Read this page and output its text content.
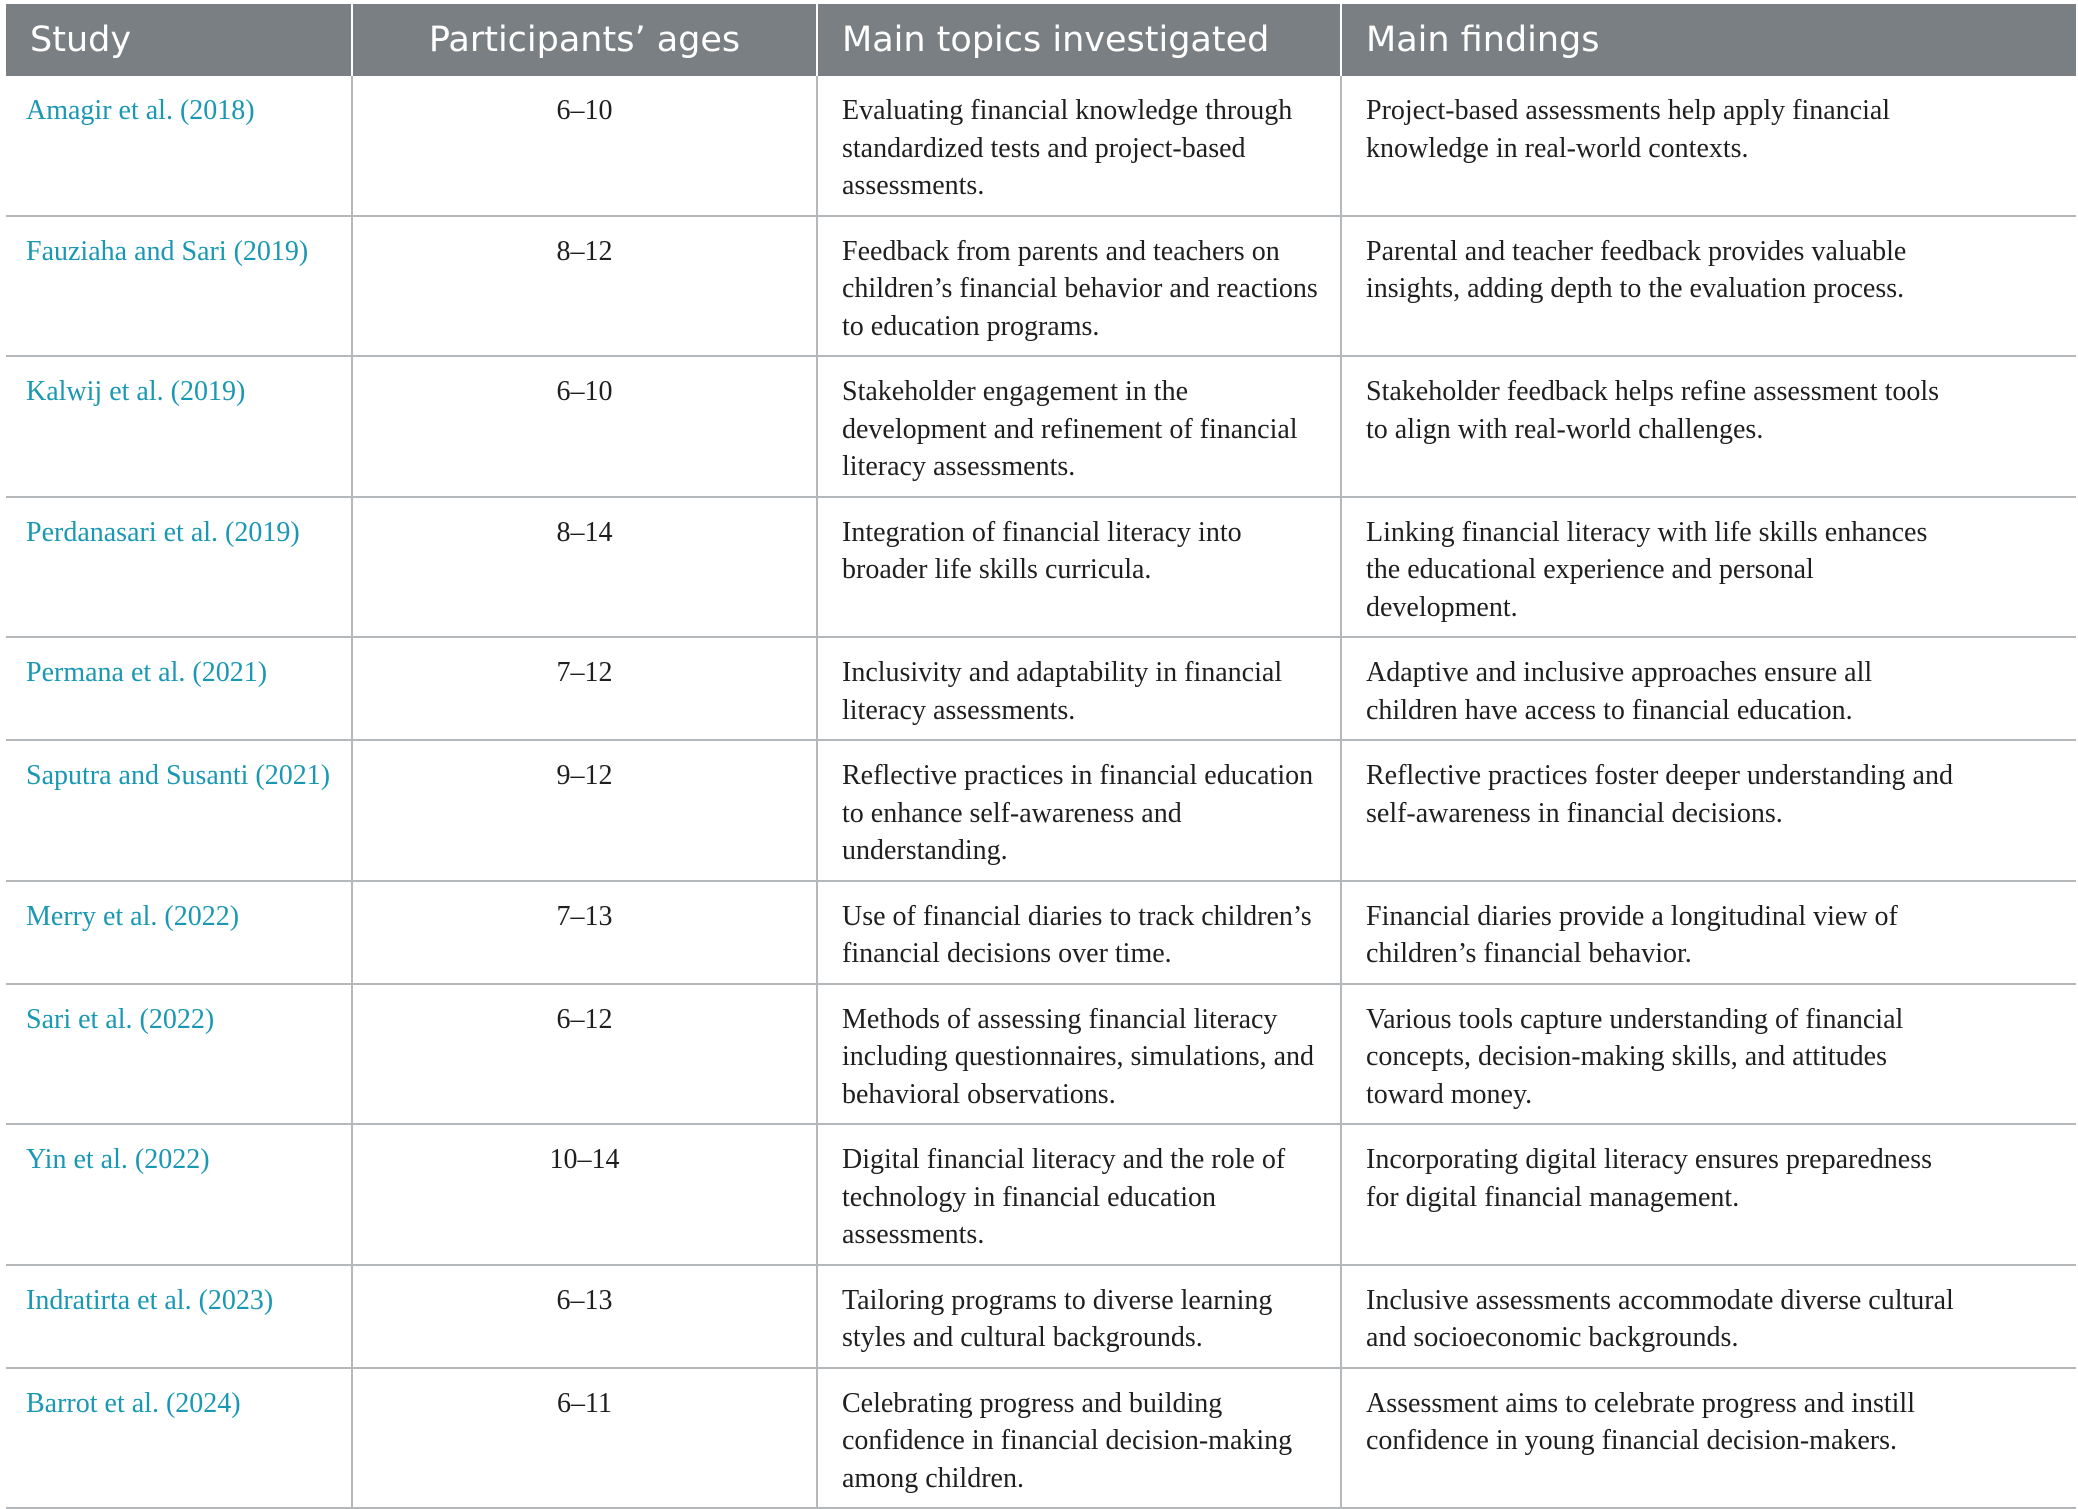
Study	Participants’ ages	Main topics investigated	Main findings
Amagir et al. (2018)	6–10	Evaluating financial knowledge through standardized tests and project-based assessments.	Project-based assessments help apply financial knowledge in real-world contexts.
Fauziaha and Sari (2019)	8–12	Feedback from parents and teachers on children’s financial behavior and reactions to education programs.	Parental and teacher feedback provides valuable insights, adding depth to the evaluation process.
Kalwij et al. (2019)	6–10	Stakeholder engagement in the development and refinement of financial literacy assessments.	Stakeholder feedback helps refine assessment tools to align with real-world challenges.
Perdanasari et al. (2019)	8–14	Integration of financial literacy into broader life skills curricula.	Linking financial literacy with life skills enhances the educational experience and personal development.
Permana et al. (2021)	7–12	Inclusivity and adaptability in financial literacy assessments.	Adaptive and inclusive approaches ensure all children have access to financial education.
Saputra and Susanti (2021)	9–12	Reflective practices in financial education to enhance self-awareness and understanding.	Reflective practices foster deeper understanding and self-awareness in financial decisions.
Merry et al. (2022)	7–13	Use of financial diaries to track children’s financial decisions over time.	Financial diaries provide a longitudinal view of children’s financial behavior.
Sari et al. (2022)	6–12	Methods of assessing financial literacy including questionnaires, simulations, and behavioral observations.	Various tools capture understanding of financial concepts, decision-making skills, and attitudes toward money.
Yin et al. (2022)	10–14	Digital financial literacy and the role of technology in financial education assessments.	Incorporating digital literacy ensures preparedness for digital financial management.
Indratirta et al. (2023)	6–13	Tailoring programs to diverse learning styles and cultural backgrounds.	Inclusive assessments accommodate diverse cultural and socioeconomic backgrounds.
Barrot et al. (2024)	6–11	Celebrating progress and building confidence in financial decision-making among children.	Assessment aims to celebrate progress and instill confidence in young financial decision-makers.
